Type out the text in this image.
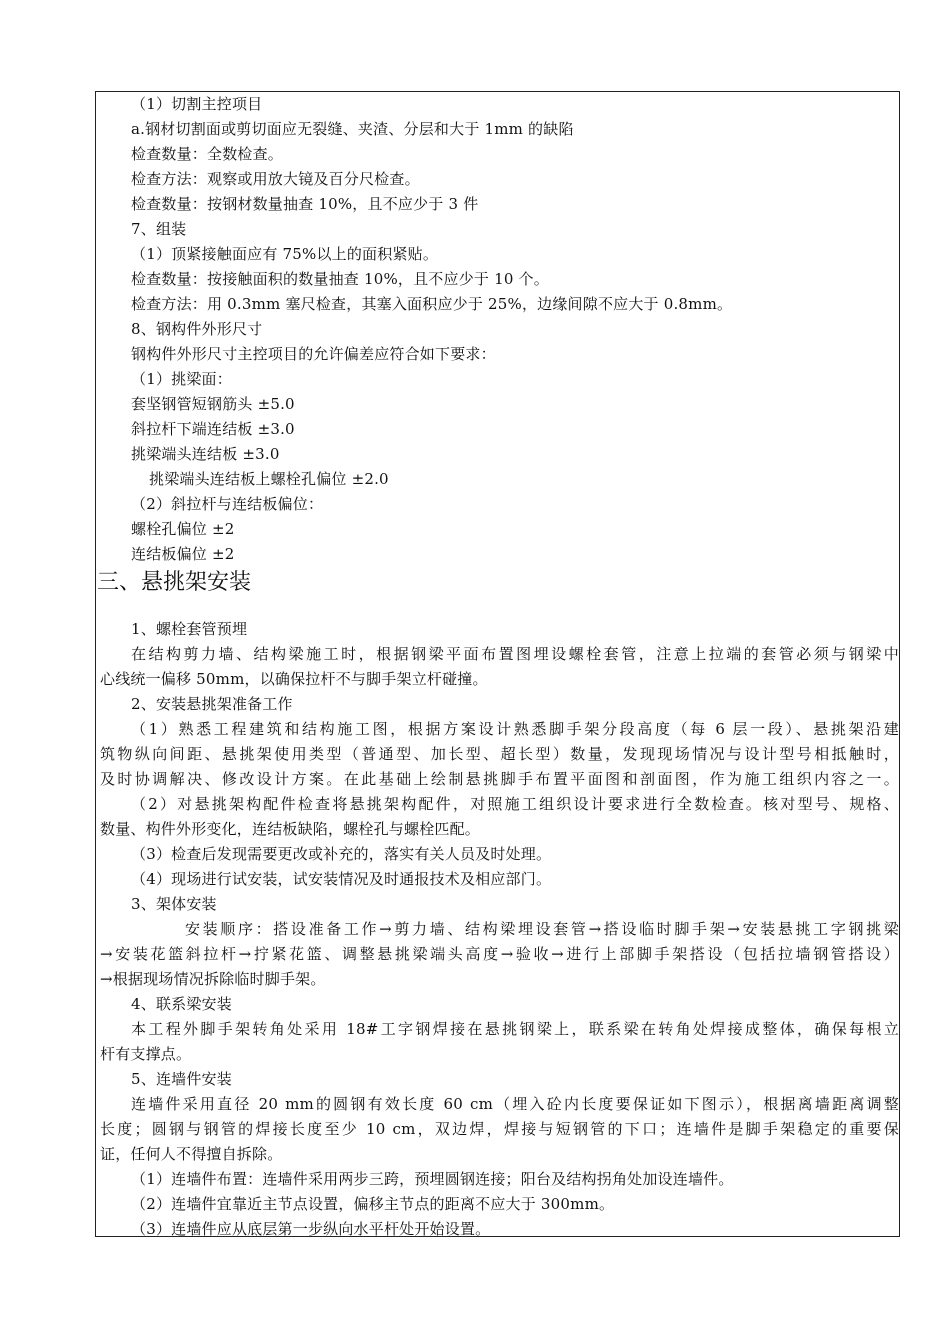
（1）切割主控项目
a.钢材切割面或剪切面应无裂缝、夹渣、分层和大于 1mm 的缺陷
检查数量：全数检查。
检查方法：观察或用放大镜及百分尺检查。
检查数量：按钢材数量抽查 10%，且不应少于 3 件
7、组装
（1）顶紧接触面应有 75%以上的面积紧贴。
检查数量：按接触面积的数量抽查 10%，且不应少于 10 个。
检查方法：用 0.3mm 塞尺检查，其塞入面积应少于 25%，边缘间隙不应大于 0.8mm。
8、钢构件外形尺寸
钢构件外形尺寸主控项目的允许偏差应符合如下要求：
（1）挑梁面：
套坚钢管短钢筋头 ±5.0
斜拉杆下端连结板 ±3.0
挑梁端头连结板 ±3.0
挑梁端头连结板上螺栓孔偏位 ±2.0
（2）斜拉杆与连结板偏位：
螺栓孔偏位 ±2
连结板偏位 ±2
三、悬挑架安装
1、螺栓套管预埋
在结构剪力墙、结构梁施工时，根据钢梁平面布置图埋设螺栓套管，注意上拉端的套管必须与钢梁中
心线统一偏移 50mm，以确保拉杆不与脚手架立杆碰撞。
2、安装悬挑架准备工作
（1）熟悉工程建筑和结构施工图，根据方案设计熟悉脚手架分段高度（每 6 层一段）、悬挑架沿建
筑物纵向间距、悬挑架使用类型（普通型、加长型、超长型）数量，发现现场情况与设计型号相抵触时，
及时协调解决、修改设计方案。在此基础上绘制悬挑脚手布置平面图和剖面图，作为施工组织内容之一。
（2）对悬挑架构配件检查将悬挑架构配件，对照施工组织设计要求进行全数检查。核对型号、规格、
数量、构件外形变化，连结板缺陷，螺栓孔与螺栓匹配。
（3）检查后发现需要更改或补充的，落实有关人员及时处理。
（4）现场进行试安装，试安装情况及时通报技术及相应部门。
3、架体安装
安装顺序：搭设准备工作→剪力墙、结构梁埋设套管→搭设临时脚手架→安装悬挑工字钢挑梁
→安装花篮斜拉杆→拧紧花篮、调整悬挑梁端头高度→验收→进行上部脚手架搭设（包括拉墙钢管搭设）
→根据现场情况拆除临时脚手架。
4、联系梁安装
本工程外脚手架转角处采用 18#工字钢焊接在悬挑钢梁上，联系梁在转角处焊接成整体，确保每根立
杆有支撑点。
5、连墙件安装
连墙件采用直径 20 mm的圆钢有效长度 60 cm（埋入砼内长度要保证如下图示），根据离墙距离调整
长度；圆钢与钢管的焊接长度至少 10 cm，双边焊，焊接与短钢管的下口；连墙件是脚手架稳定的重要保
证，任何人不得擅自拆除。
（1）连墙件布置：连墙件采用两步三跨，预埋圆钢连接；阳台及结构拐角处加设连墙件。
（2）连墙件宜靠近主节点设置，偏移主节点的距离不应大于 300mm。
（3）连墙件应从底层第一步纵向水平杆处开始设置。
